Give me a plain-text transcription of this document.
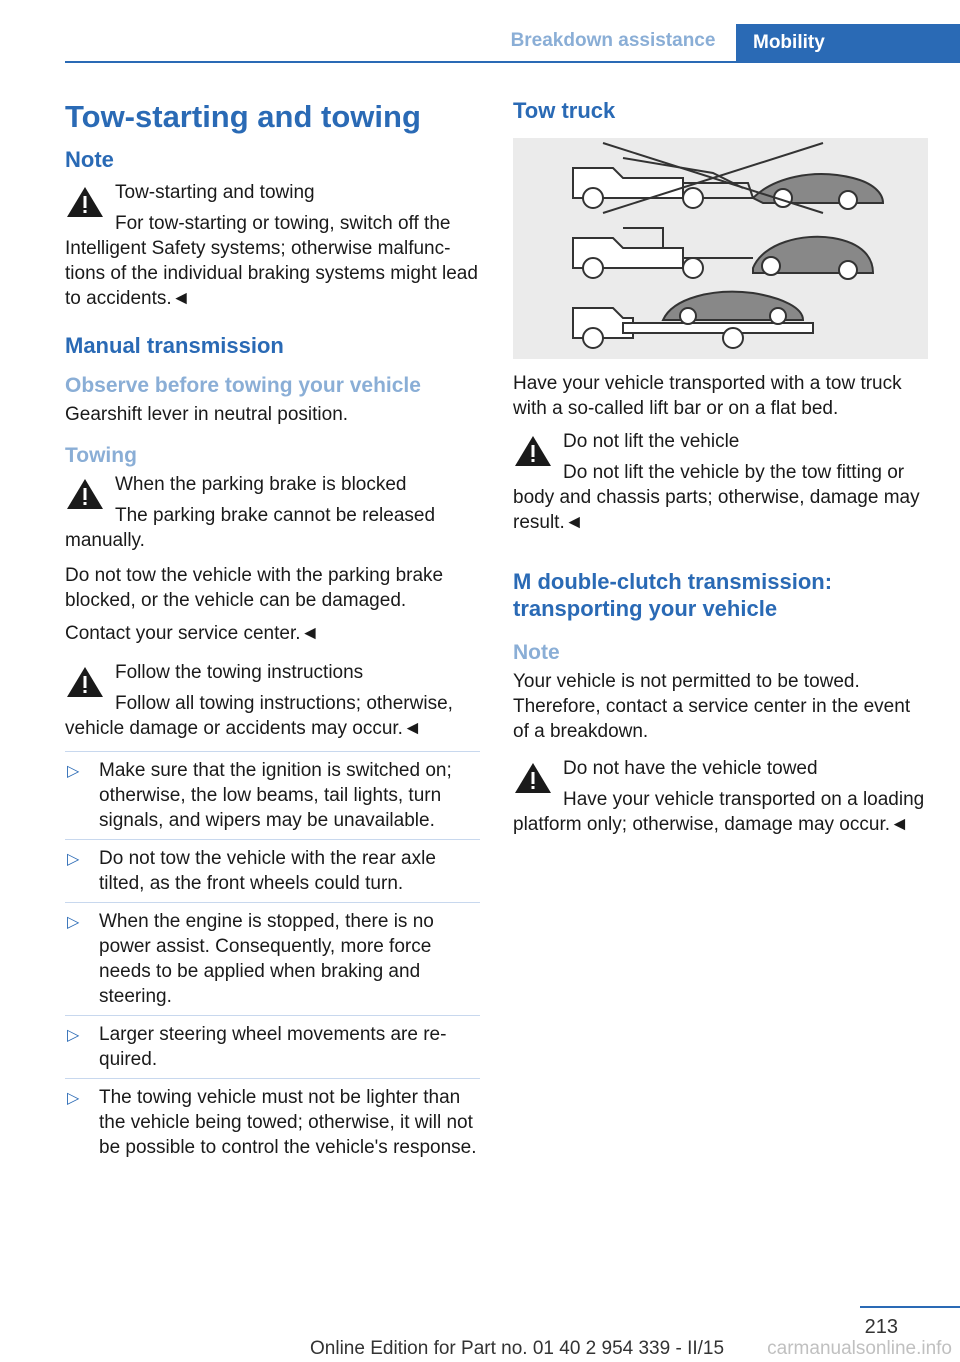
Breakdown assistance	Mobility
Tow-starting and towing
Note
Tow-starting and towing
For tow-starting or towing, switch off the Intelligent Safety systems; otherwise malfunctions of the individual braking systems might lead to accidents.◄
Manual transmission
Observe before towing your vehicle

Gearshift lever in neutral position.

Towing
When the parking brake is blocked
The parking brake cannot be released manually.

Do not tow the vehicle with the parking brake blocked, or the vehicle can be damaged.

Contact your service center.◄

Follow the towing instructions
Follow all towing instructions; otherwise, vehicle damage or accidents may occur.◄
▷ Make sure that the ignition is switched on; otherwise, the low beams, tail lights, turn signals, and wipers may be unavailable.
▷ Do not tow the vehicle with the rear axle tilted, as the front wheels could turn.
▷ When the engine is stopped, there is no power assist. Consequently, more force needs to be applied when braking and steering.
▷ Larger steering wheel movements are required.
▷ The towing vehicle must not be lighter than the vehicle being towed; otherwise, it will not be possible to control the vehicle's response.
Tow truck

Have your vehicle transported with a tow truck with a so-called lift bar or on a flat bed.

Do not lift the vehicle
Do not lift the vehicle by the tow fitting or body and chassis parts; otherwise, damage may result.◄
M double-clutch transmission: transporting your vehicle
Note

Your vehicle is not permitted to be towed. Therefore, contact a service center in the event of a breakdown.

Do not have the vehicle towed
Have your vehicle transported on a loading platform only; otherwise, damage may occur.◄
213
Online Edition for Part no. 01 40 2 954 339 - II/15 carmanualsonline.info
